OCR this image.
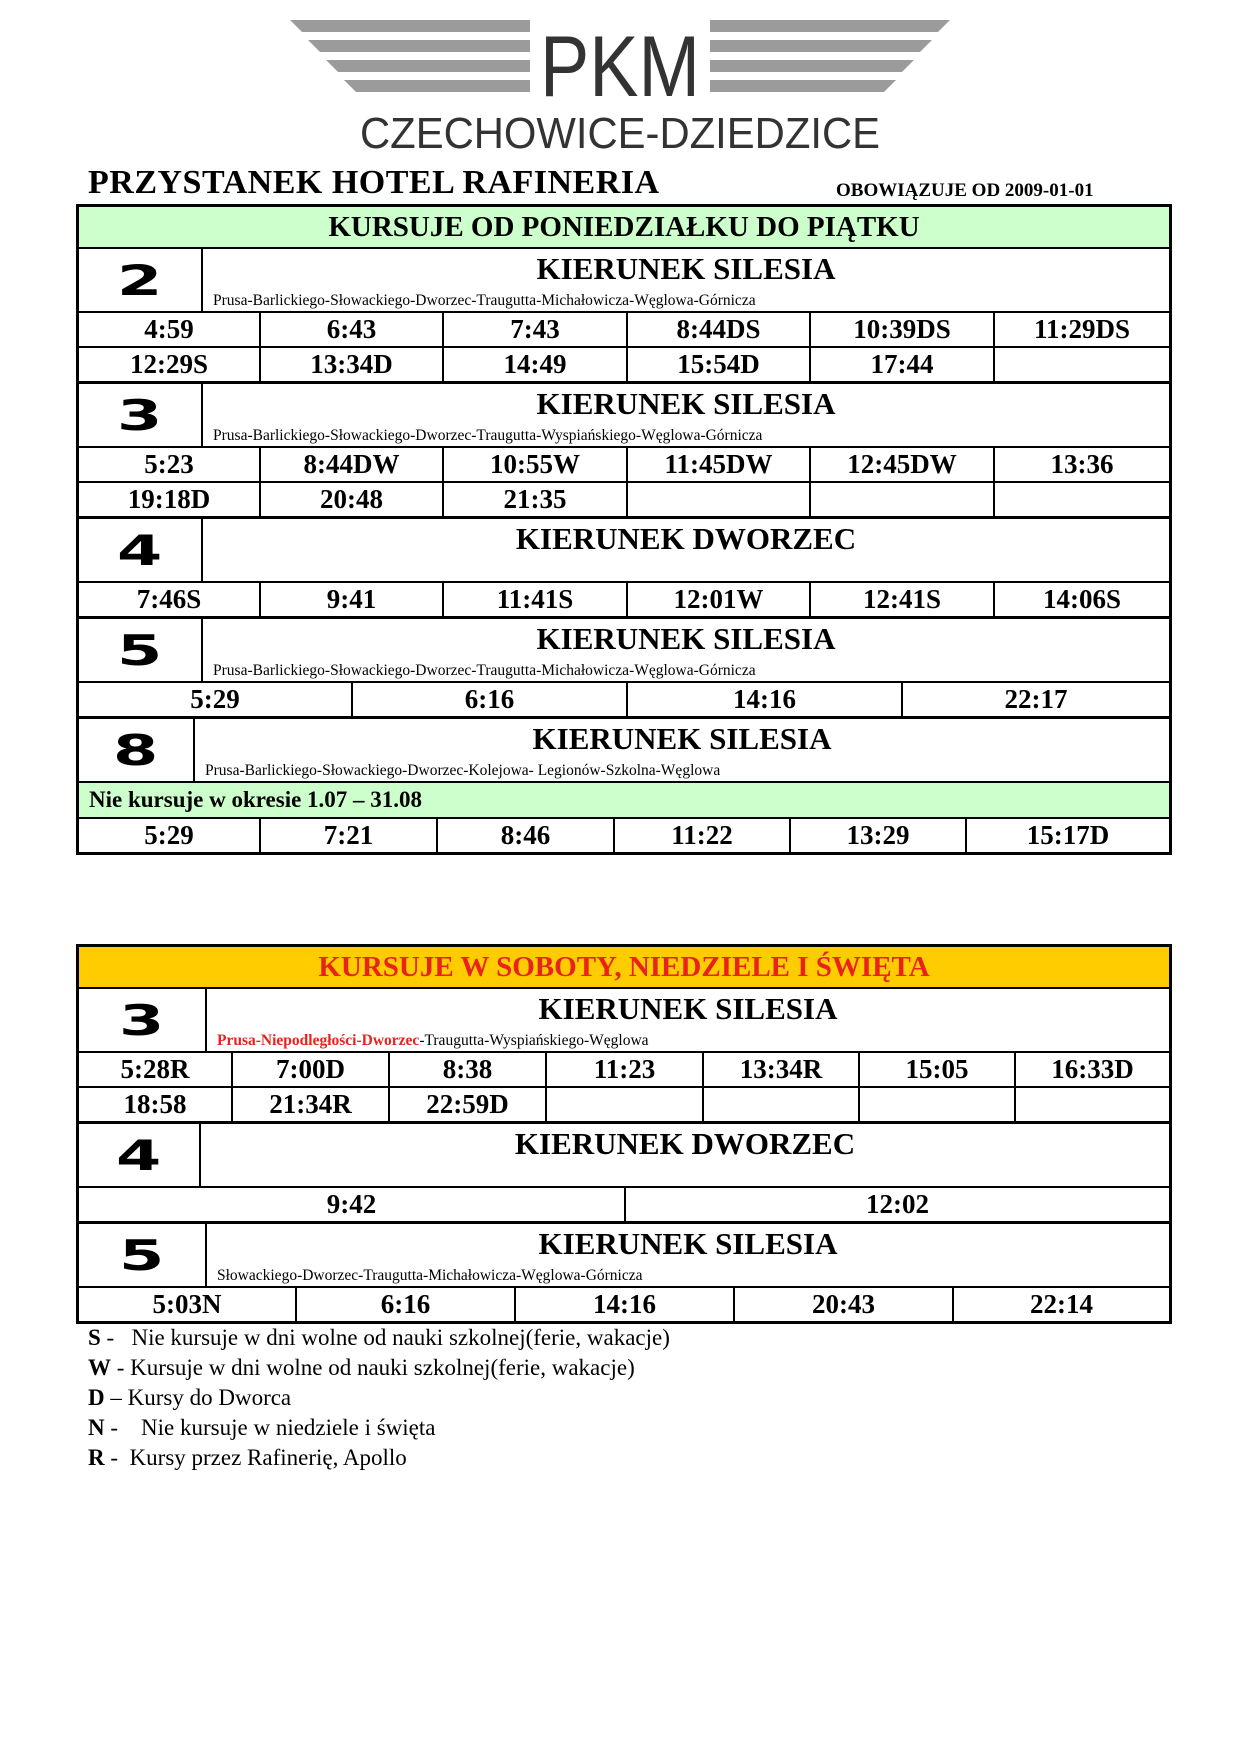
PKM
CZECHOWICE-DZIEDZICE
PRZYSTANEK HOTEL RAFINERIA	OBOWIĄZUJE OD 2009-01-01
KURSUJE OD PONIEDZIAŁKU DO PIĄTKU
2	KIERUNEK SILESIA
Prusa-Barlickiego-Słowackiego-Dworzec-Traugutta-Michałowicza-Węglowa-Górnicza
4:59	6:43	7:43	8:44DS	10:39DS	11:29DS
12:29S	13:34D	14:49	15:54D	17:44
3	KIERUNEK SILESIA
Prusa-Barlickiego-Słowackiego-Dworzec-Traugutta-Wyspiańskiego-Węglowa-Górnicza
5:23	8:44DW	10:55W	11:45DW	12:45DW	13:36
19:18D	20:48	21:35
4	KIERUNEK DWORZEC
7:46S	9:41	11:41S	12:01W	12:41S	14:06S
5	KIERUNEK SILESIA
Prusa-Barlickiego-Słowackiego-Dworzec-Traugutta-Michałowicza-Węglowa-Górnicza
5:29	6:16	14:16	22:17
8	KIERUNEK SILESIA
Prusa-Barlickiego-Słowackiego-Dworzec-Kolejowa- Legionów-Szkolna-Węglowa
Nie kursuje w okresie 1.07 – 31.08
5:29	7:21	8:46	11:22	13:29	15:17D
KURSUJE W SOBOTY, NIEDZIELE I ŚWIĘTA
3	KIERUNEK SILESIA
Prusa-Niepodległości-Dworzec-Traugutta-Wyspiańskiego-Węglowa
5:28R	7:00D	8:38	11:23	13:34R	15:05	16:33D
18:58	21:34R	22:59D
4	KIERUNEK DWORZEC
9:42	12:02
5	KIERUNEK SILESIA
Słowackiego-Dworzec-Traugutta-Michałowicza-Węglowa-Górnicza
5:03N	6:16	14:16	20:43	22:14
S -   Nie kursuje w dni wolne od nauki szkolnej(ferie, wakacje)
W - Kursuje w dni wolne od nauki szkolnej(ferie, wakacje)
D – Kursy do Dworca
N -    Nie kursuje w niedziele i święta
R -  Kursy przez Rafinerię, Apollo
